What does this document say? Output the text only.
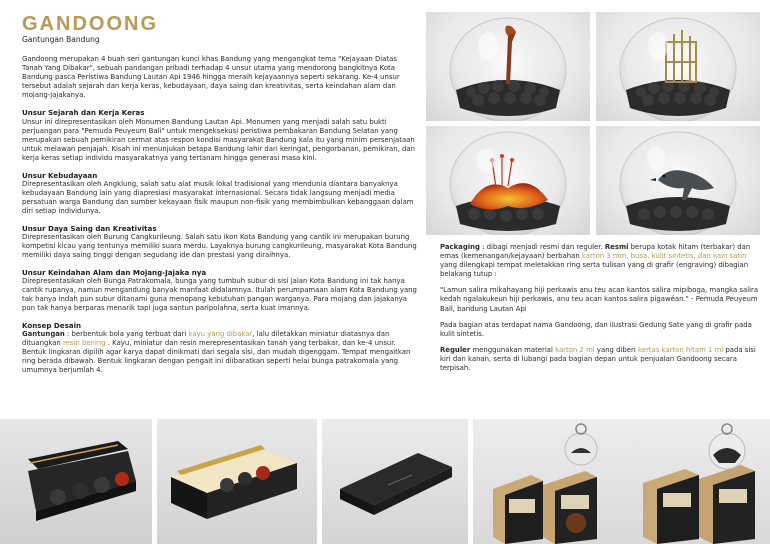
GANDOONG
Gantungan Bandung

Gandoong merupakan 4 buah seri gantungan kunci khas Bandung yang mengangkat tema "Kejayaan Diatas Tanah Yang Dibakar", sebuah pandangan pribadi terhadap 4 unsur utama yang mendorong bangkitnya Kota Bandung pasca Peristiwa Bandung Lautan Api 1946 hingga meraih kejayaannya seperti sekarang. Ke-4 unsur tersebut adalah sejarah dan kerja keras, kebudayaan, daya saing dan kreativitas, serta keindahan alam dan mojang-jajakanya.

Unsur Sejarah dan Kerja Keras
Unsur ini direpresentasikan oleh Monumen Bandung Lautan Api. Monumen yang menjadi salah satu bukti perjuangan para "Pemuda Peuyeum Bali" untuk mengeksekusi peristiwa pembakaran Bandung Selatan yang merupakan sebuah pemikiran cermat atas respon kondisi masyarakat Bandung kala itu yang minim persenjataan untuk melawan penjajah. Kisah ini menunjukan betapa Bandung lahir dari keringat, pengorbanan, pemikiran, dan kerja keras setiap individu masyarakatnya yang tertanam hingga generasi masa kini.
Unsur Kebudayaan
Direpresentasikan oleh Angklung, salah satu alat musik lokal tradisional yang mendunia diantara banyaknya kebudayaan Bandung lain yang diapresiasi masyarakat internasional. Secara tidak langsung menjadi media persatuan warga Bandung dan sumber kekayaan fisik maupun non-fisik yang membimbulkan kebanggaan dalam diri setiap individunya.
Unsur Daya Saing dan Kreativitas
Direpresentasikan oleh Burung Cangkurileung. Salah satu ikon Kota Bandung yang cantik ini merupakan burung kompetisi kicau yang tentunya memiliki suara merdu. Layaknya burung cangkurileung, masyarakat Kota Bandung memiliki daya saing tinggi dengan segudang ide dan prestasi yang diraihnya.
Unsur Keindahan Alam dan Mojang-Jajaka nya
Direpresentasikan oleh Bunga Patrakomala, bunga yang tumbuh subur di sisi jalan Kota Bandung ini tak hanya cantik rupanya, namun mengandung banyak manfaat didalamnya. Itulah perumpamaan alam Kota Bandung yang tak hanya indah pun subur ditanami guna menopang kebutuhan pangan warganya. Para mojang dan jajakanya pun tak hanya berparas menarik tapi juga santun paripolahna, serta kuat imannya.
Konsep Desain
Gantungan : berbentuk bola yang terbuat dari kayu yang dibakar, lalu diletakkan miniatur diatasnya dan dituangkan resin bening . Kayu, miniatur dan resin merepresentasikan tanah yang terbakar, dan ke-4 unsur. Bentuk lingkaran dipilih agar karya dapat dinikmati dari segala sisi, dan mudah digenggam. Tempat mengaitkan ring berada dibawah. Bentuk lingkaran dengan pengait ini diibaratkan seperti helai bunga patrakomala yang umumnya berjumlah 4.

Packaging : dibagi menjadi resmi dan reguler. Resmi berupa kotak hitam (terbakar) dan emas (kemenangan/kejayaan) berbahan karton 3 mm, busa, kulit sintetis, dan kain satin yang dilengkapi tempat meletakkan ring serta tulisan yang di grafir (engraving) dibagian belakang tutup :

"Lamun salira mikahayang hiji perkawis anu teu acan kantos salira mipiboga, mangka salira kedah ngalakukeun hiji perkawis, anu teu acan kantos salira pigawéan." - Pemuda Peuyeum Ball, bandung Lautan Api

Pada bagian atas terdapat nama Gandoong, dan ilustrasi Gedung Sate yang di grafir pada kulit sintetis.

Reguler menggunakan material karton 2 ml yang diberi kertas karton hitam 1 ml pada sisi kiri dan kanan, serta di lubangi pada bagian depan untuk penjualan Gandoong secara terpisah.
